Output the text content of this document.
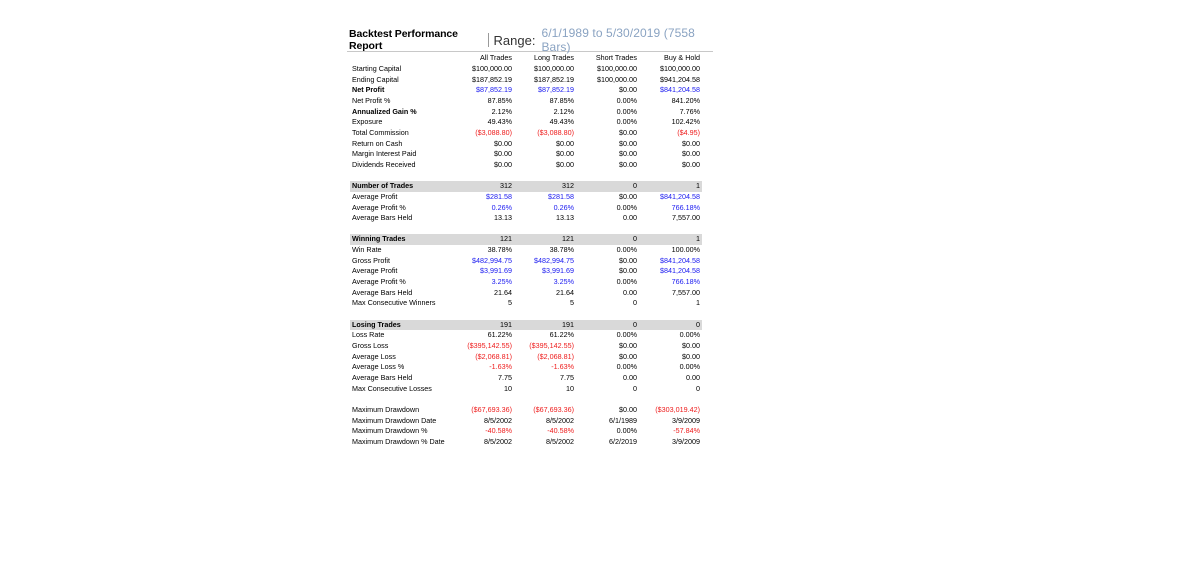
Backtest Performance Report	Range: 6/1/1989 to 5/30/2019 (7558 Bars)
	All Trades	Long Trades	Short Trades	Buy & Hold
Starting Capital	$100,000.00	$100,000.00	$100,000.00	$100,000.00
Ending Capital	$187,852.19	$187,852.19	$100,000.00	$941,204.58
Net Profit	$87,852.19	$87,852.19	$0.00	$841,204.58
Net Profit %	87.85%	87.85%	0.00%	841.20%
Annualized Gain %	2.12%	2.12%	0.00%	7.76%
Exposure	49.43%	49.43%	0.00%	102.42%
Total Commission	($3,088.80)	($3,088.80)	$0.00	($4.95)
Return on Cash	$0.00	$0.00	$0.00	$0.00
Margin Interest Paid	$0.00	$0.00	$0.00	$0.00
Dividends Received	$0.00	$0.00	$0.00	$0.00

Number of Trades	312	312	0	1
Average Profit	$281.58	$281.58	$0.00	$841,204.58
Average Profit %	0.26%	0.26%	0.00%	766.18%
Average Bars Held	13.13	13.13	0.00	7,557.00

Winning Trades	121	121	0	1
Win Rate	38.78%	38.78%	0.00%	100.00%
Gross Profit	$482,994.75	$482,994.75	$0.00	$841,204.58
Average Profit	$3,991.69	$3,991.69	$0.00	$841,204.58
Average Profit %	3.25%	3.25%	0.00%	766.18%
Average Bars Held	21.64	21.64	0.00	7,557.00
Max Consecutive Winners	5	5	0	1

Losing Trades	191	191	0	0
Loss Rate	61.22%	61.22%	0.00%	0.00%
Gross Loss	($395,142.55)	($395,142.55)	$0.00	$0.00
Average Loss	($2,068.81)	($2,068.81)	$0.00	$0.00
Average Loss %	-1.63%	-1.63%	0.00%	0.00%
Average Bars Held	7.75	7.75	0.00	0.00
Max Consecutive Losses	10	10	0	0

Maximum Drawdown	($67,693.36)	($67,693.36)	$0.00	($303,019.42)
Maximum Drawdown Date	8/5/2002	8/5/2002	6/1/1989	3/9/2009
Maximum Drawdown %	-40.58%	-40.58%	0.00%	-57.84%
Maximum Drawdown % Date	8/5/2002	8/5/2002	6/2/2019	3/9/2009
